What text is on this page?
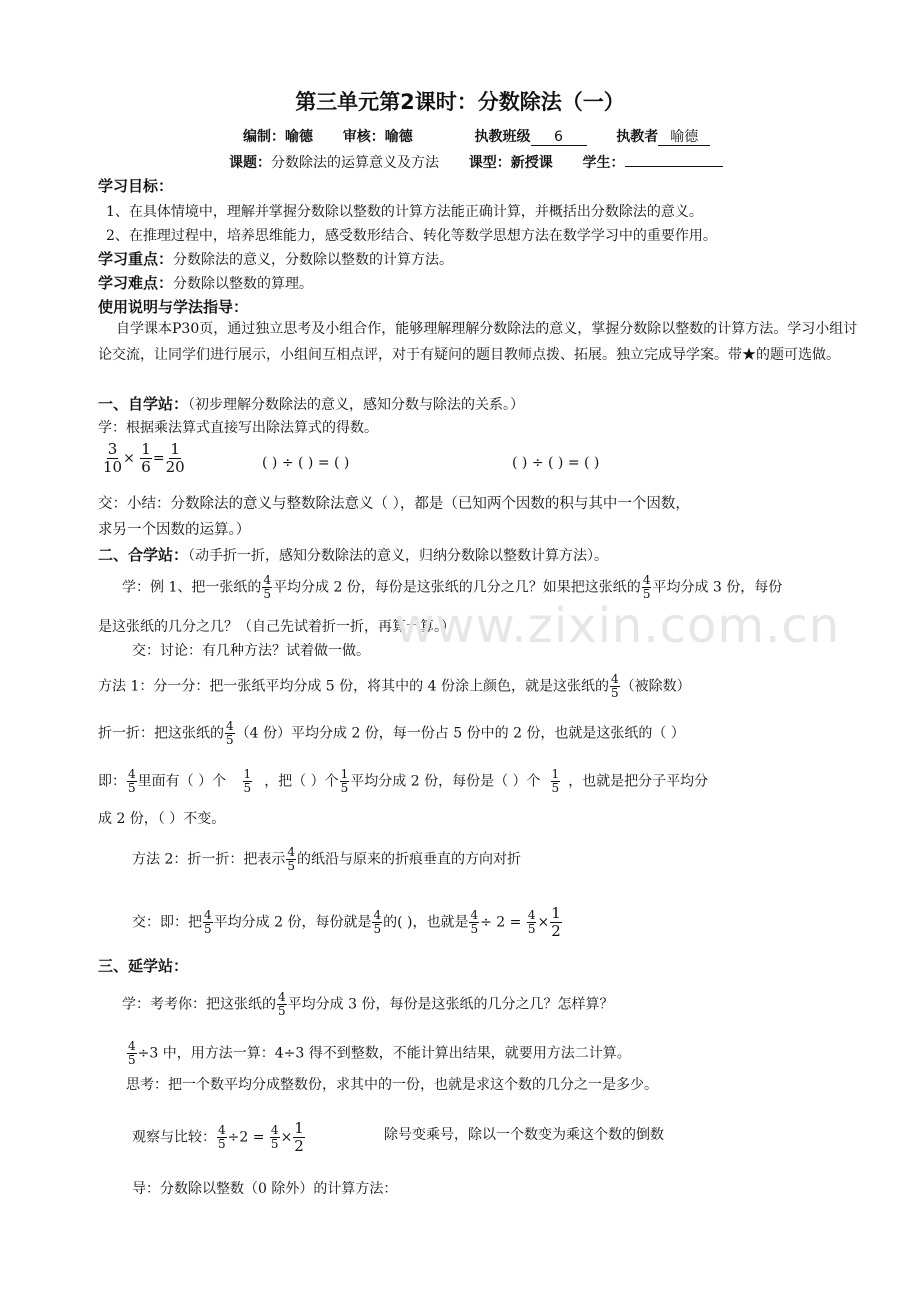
第三单元第2课时：分数除法（一）
编制：喻德 审核：喻德	执教班级 6	执教者 喻德
课题：分数除法的运算意义及方法 课型：新授课 学生：
学习目标：
1、在具体情境中，理解并掌握分数除以整数的计算方法能正确计算，并概括出分数除法的意义。
2、在推理过程中，培养思维能力，感受数形结合、转化等数学思想方法在数学学习中的重要作用。
学习重点：分数除法的意义，分数除以整数的计算方法。
学习难点：分数除以整数的算理。
使用说明与学法指导：
自学课本P30页，通过独立思考及小组合作，能够理解理解分数除法的意义，掌握分数除以整数的计算方法。学习小组讨论交流，让同学们进行展示，小组间互相点评，对于有疑问的题目教师点拨、拓展。独立完成导学案。带★的题可选做。
一、自学站：（初步理解分数除法的意义，感知分数与除法的关系。）
学：根据乘法算式直接写出除法算式的得数。
$\frac{3}{10} \times \frac{1}{6} = \frac{1}{20}$	( ) ÷ ( ) = ( )	( ) ÷ ( ) = ( )
交：小结：分数除法的意义与整数除法意义（ ），都是（已知两个因数的积与其中一个因数，
求另一个因数的运算。）
二、合学站：（动手折一折，感知分数除法的意义，归纳分数除以整数计算方法）。
学：例 1、把一张纸的 $\frac{4}{5}$ 平均分成 2 份，每份是这张纸的几分之几？如果把这张纸的 $\frac{4}{5}$ 平均分成 3 份，每份
是这张纸的几分之几？（自己先试着折一折，再算一算。）
交：讨论：有几种方法？试着做一做。
方法 1：分一分：把一张纸平均分成 5 份，将其中的 4 份涂上颜色，就是这张纸的 $\frac{4}{5}$ （被除数）
折一折：把这张纸的 $\frac{4}{5} (4$ 份）平均分成 2 份，每一份占 5 份中的 2 份，也就是这张纸的（ ）
即： $\frac{4}{5}$ 里面有（ ）个 $\frac{1}{5}$ ，把（ ）个 $\frac{1}{5}$ 平均分成 2 份，每份是（ ）个 $\frac{1}{5}$ ，也就是把分子平均分
成 2 份，（ ）不变。
方法 2：折一折：把表示 $\frac{4}{5}$ 的纸沿与原来的折痕垂直的方向对折
交：即：把 $\frac{4}{5}$ 平均分成 2 份，每份就是 $\frac{4}{5}$ 的( )，也就是 $\frac{4}{5} \div 2 = \frac{4}{5} \times \frac{1}{2}$
www.zixin.com.cn
三、延学站：
学：考考你：把这张纸的 $\frac{4}{5}$ 平均分成 3 份，每份是这张纸的几分之几？怎样算？
$\frac{4}{5} \div 3$ 中，用方法一算：4÷3 得不到整数，不能计算出结果，就要用方法二计算。
思考：把一个数平均分成整数份，求其中的一份，也就是求这个数的几分之一是多少。
观察与比较： $\frac{4}{5} \div 2 = \frac{4}{5} \times \frac{1}{2}$	除号变乘号，除以一个数变为乘这个数的倒数
导：分数除以整数（0 除外）的计算方法：
